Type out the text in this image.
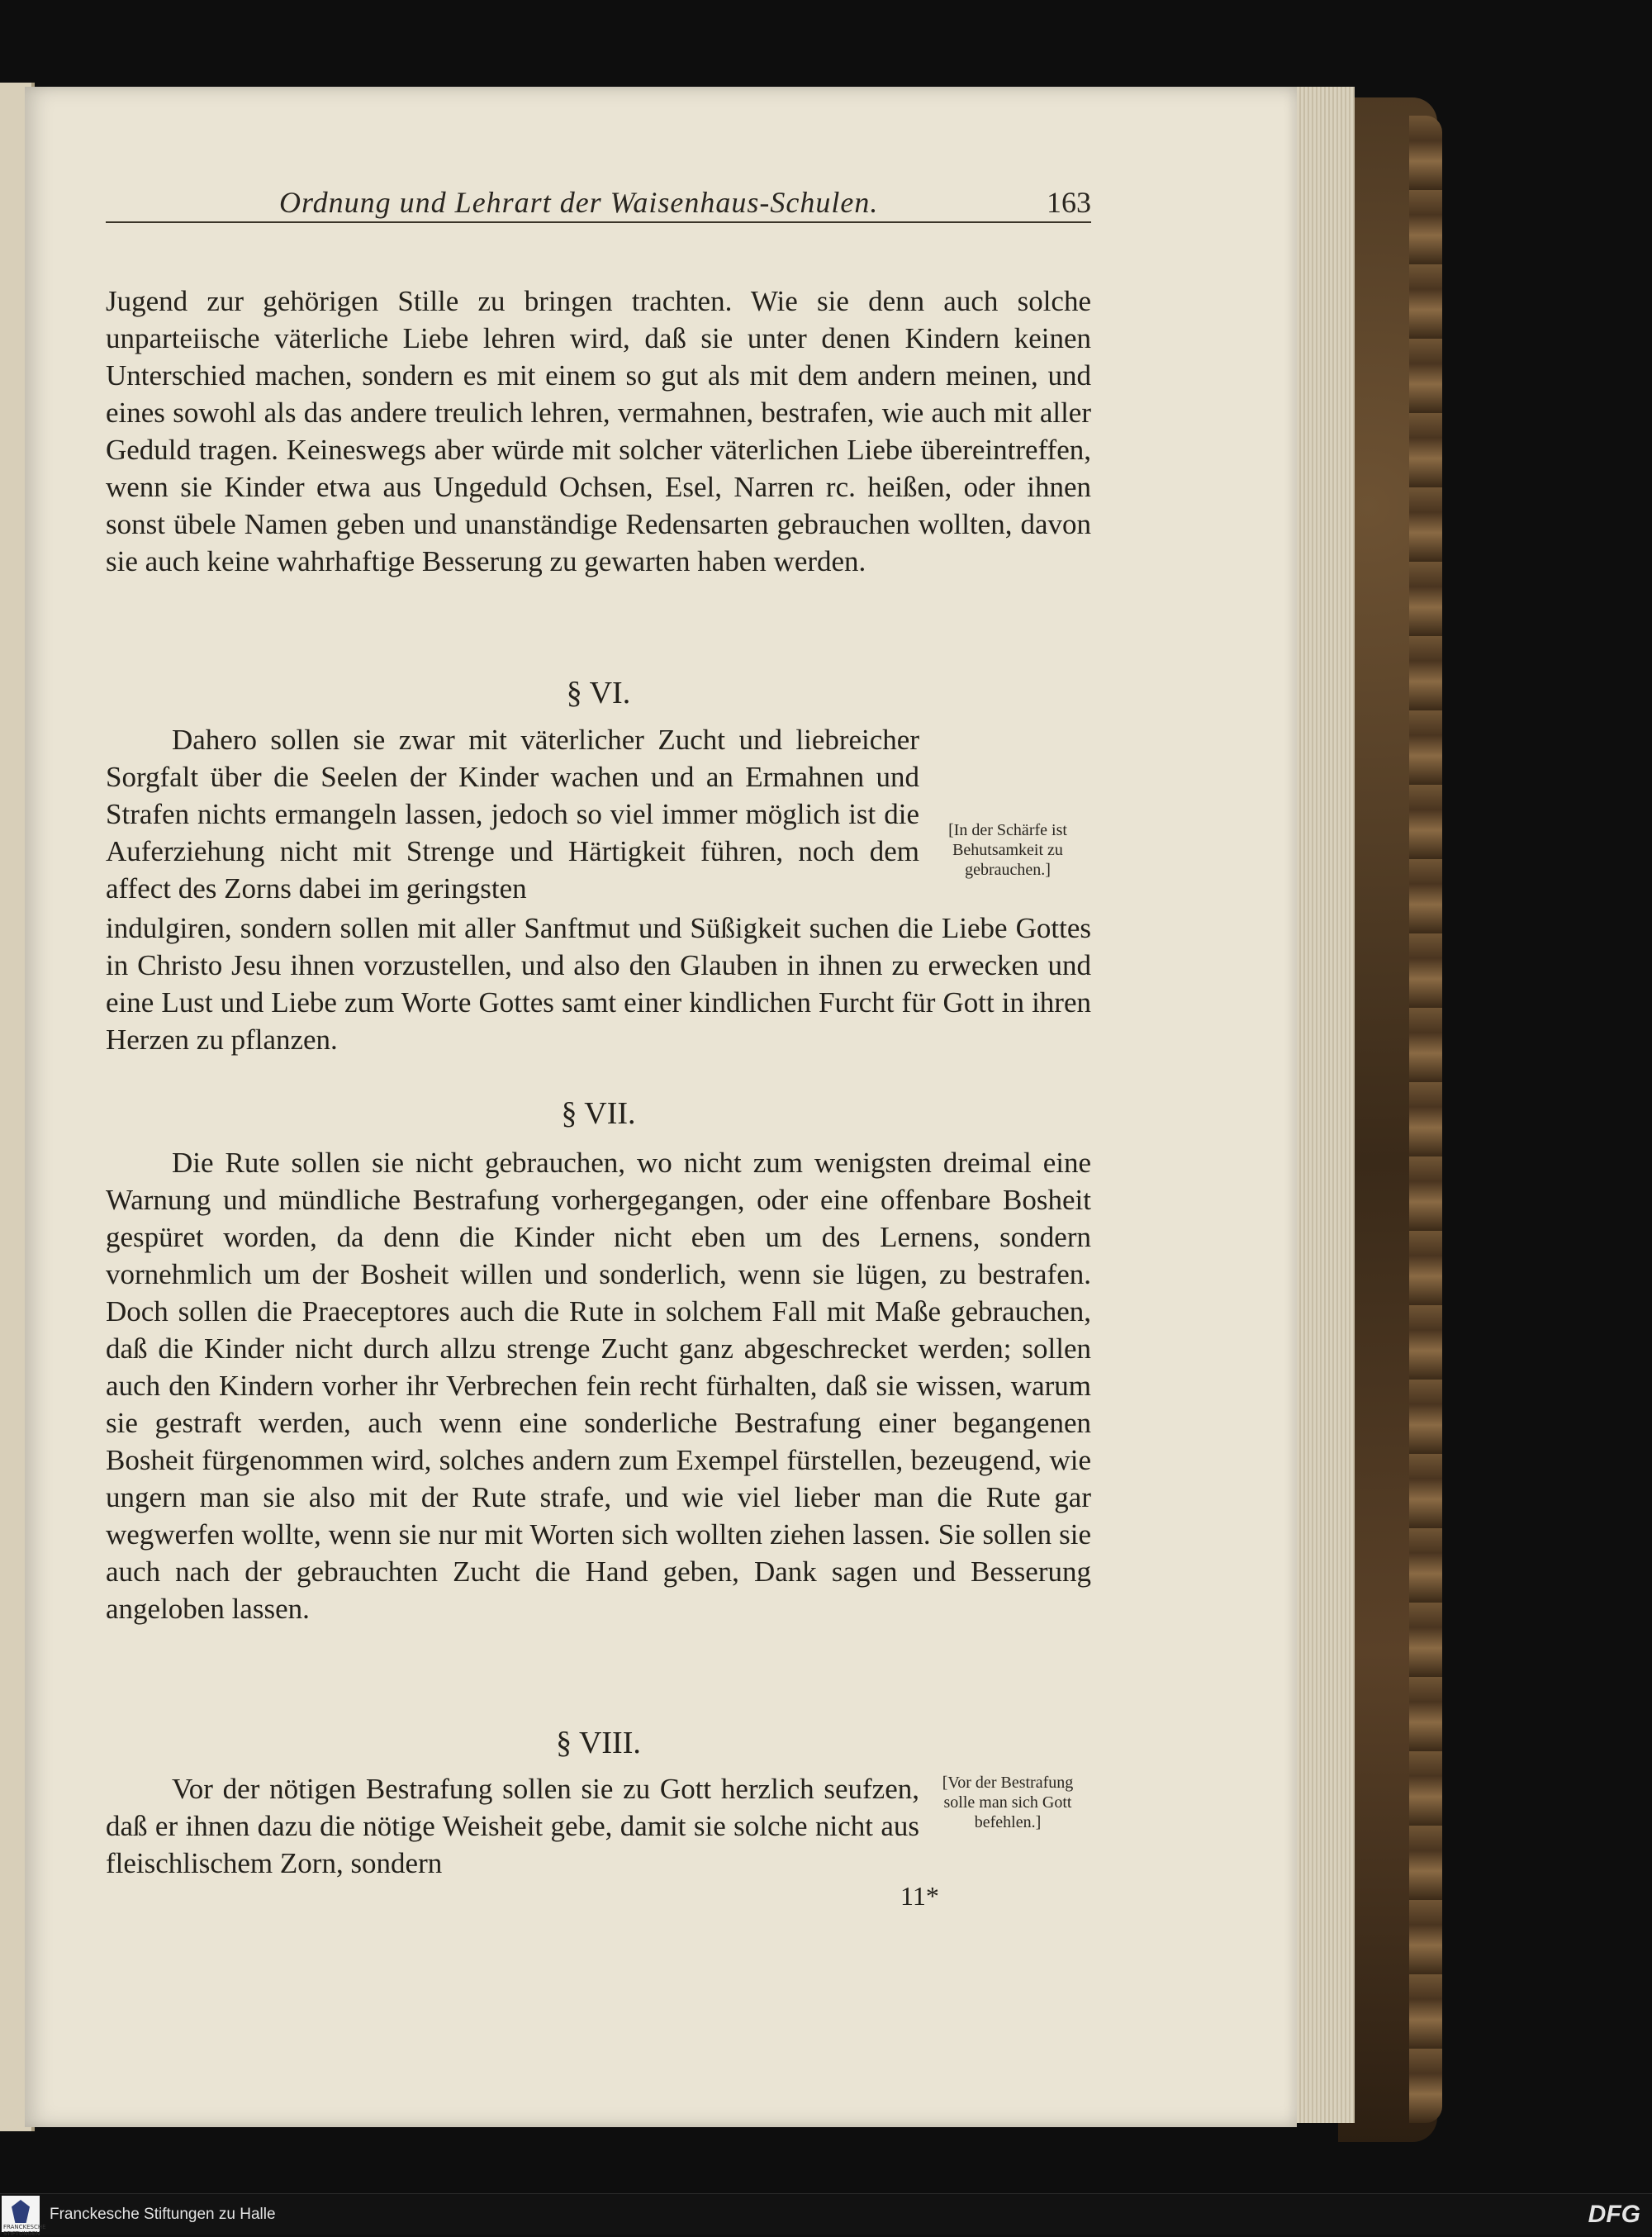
Ordnung und Lehrart der Waisenhaus-Schulen.	163

Jugend zur gehörigen Stille zu bringen trachten. Wie sie denn auch solche unparteiische väterliche Liebe lehren wird, daß sie unter denen Kindern keinen Unterschied machen, sondern es mit einem so gut als mit dem andern meinen, und eines sowohl als das andere treulich lehren, vermahnen, bestrafen, wie auch mit aller Geduld tragen. Keineswegs aber würde mit solcher väterlichen Liebe übereintreffen, wenn sie Kinder etwa aus Ungeduld Ochsen, Esel, Narren rc. heißen, oder ihnen sonst übele Namen geben und unanständige Redensarten gebrauchen wollten, davon sie auch keine wahrhaftige Besserung zu gewarten haben werden.

§ VI.

Dahero sollen sie zwar mit väterlicher Zucht und liebreicher Sorgfalt über die Seelen der Kinder wachen und an Ermahnen und Strafen nichts ermangeln lassen, jedoch so viel immer möglich ist die Auferziehung nicht mit Strenge und Härtigkeit führen, noch dem affect des Zorns dabei im geringsten

[In der Schärfe ist Behutsamkeit zu gebrauchen.]

indulgiren, sondern sollen mit aller Sanftmut und Süßigkeit suchen die Liebe Gottes in Christo Jesu ihnen vorzustellen, und also den Glauben in ihnen zu erwecken und eine Lust und Liebe zum Worte Gottes samt einer kindlichen Furcht für Gott in ihren Herzen zu pflanzen.

§ VII.

Die Rute sollen sie nicht gebrauchen, wo nicht zum wenigsten dreimal eine Warnung und mündliche Bestrafung vorhergegangen, oder eine offenbare Bosheit gespüret worden, da denn die Kinder nicht eben um des Lernens, sondern vornehmlich um der Bosheit willen und sonderlich, wenn sie lügen, zu bestrafen. Doch sollen die Praeceptores auch die Rute in solchem Fall mit Maße gebrauchen, daß die Kinder nicht durch allzu strenge Zucht ganz abgeschrecket werden; sollen auch den Kindern vorher ihr Verbrechen fein recht fürhalten, daß sie wissen, warum sie gestraft werden, auch wenn eine sonderliche Bestrafung einer begangenen Bosheit fürgenommen wird, solches andern zum Exempel fürstellen, bezeugend, wie ungern man sie also mit der Rute strafe, und wie viel lieber man die Rute gar wegwerfen wollte, wenn sie nur mit Worten sich wollten ziehen lassen. Sie sollen sie auch nach der gebrauchten Zucht die Hand geben, Dank sagen und Besserung angeloben lassen.

§ VIII.

Vor der nötigen Bestrafung sollen sie zu Gott herzlich seufzen, daß er ihnen dazu die nötige Weisheit gebe, damit sie solche nicht aus fleischlischem Zorn, sondern

[Vor der Bestrafung solle man sich Gott befehlen.]
11*
FRANCKESCHE STIFTUNGEN
Franckesche Stiftungen zu Halle	DFG
